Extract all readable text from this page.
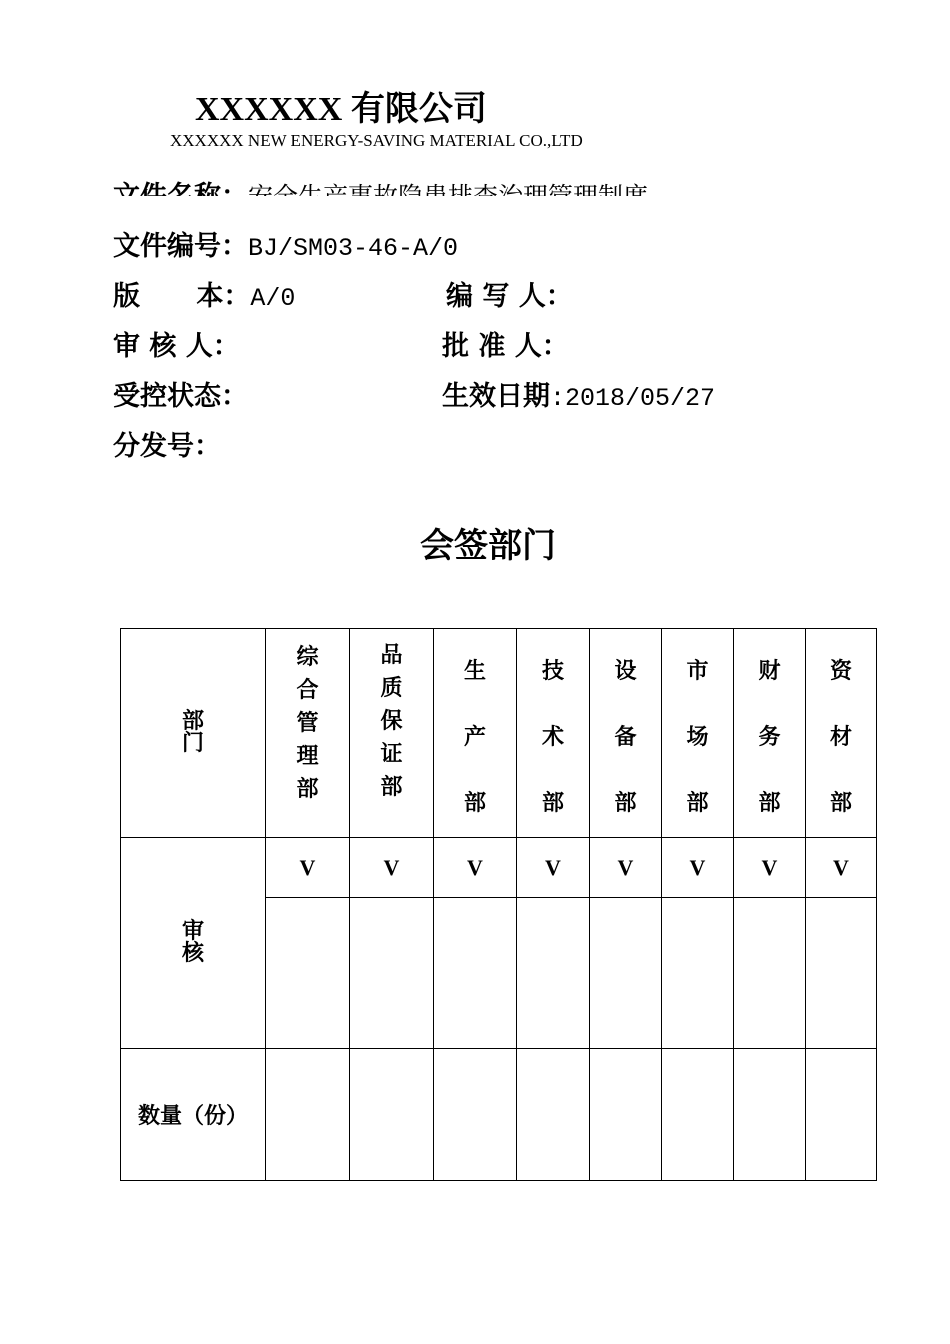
XXXXXX 有限公司
XXXXXX NEW ENERGY-SAVING MATERIAL CO.,LTD
文件编号：BJ/SM03-46-A/0
版      本：A/0	编 写 人：
审 核 人：	批 准 人：
受控状态：	生效日期:2018/05/27
分发号：
会签部门
部门	综合管理部	品质保证部	生产部	技术部	设备部	市场部	财务部	资材部
审核	V	V	V	V	V	V	V	V

数量（份）								
